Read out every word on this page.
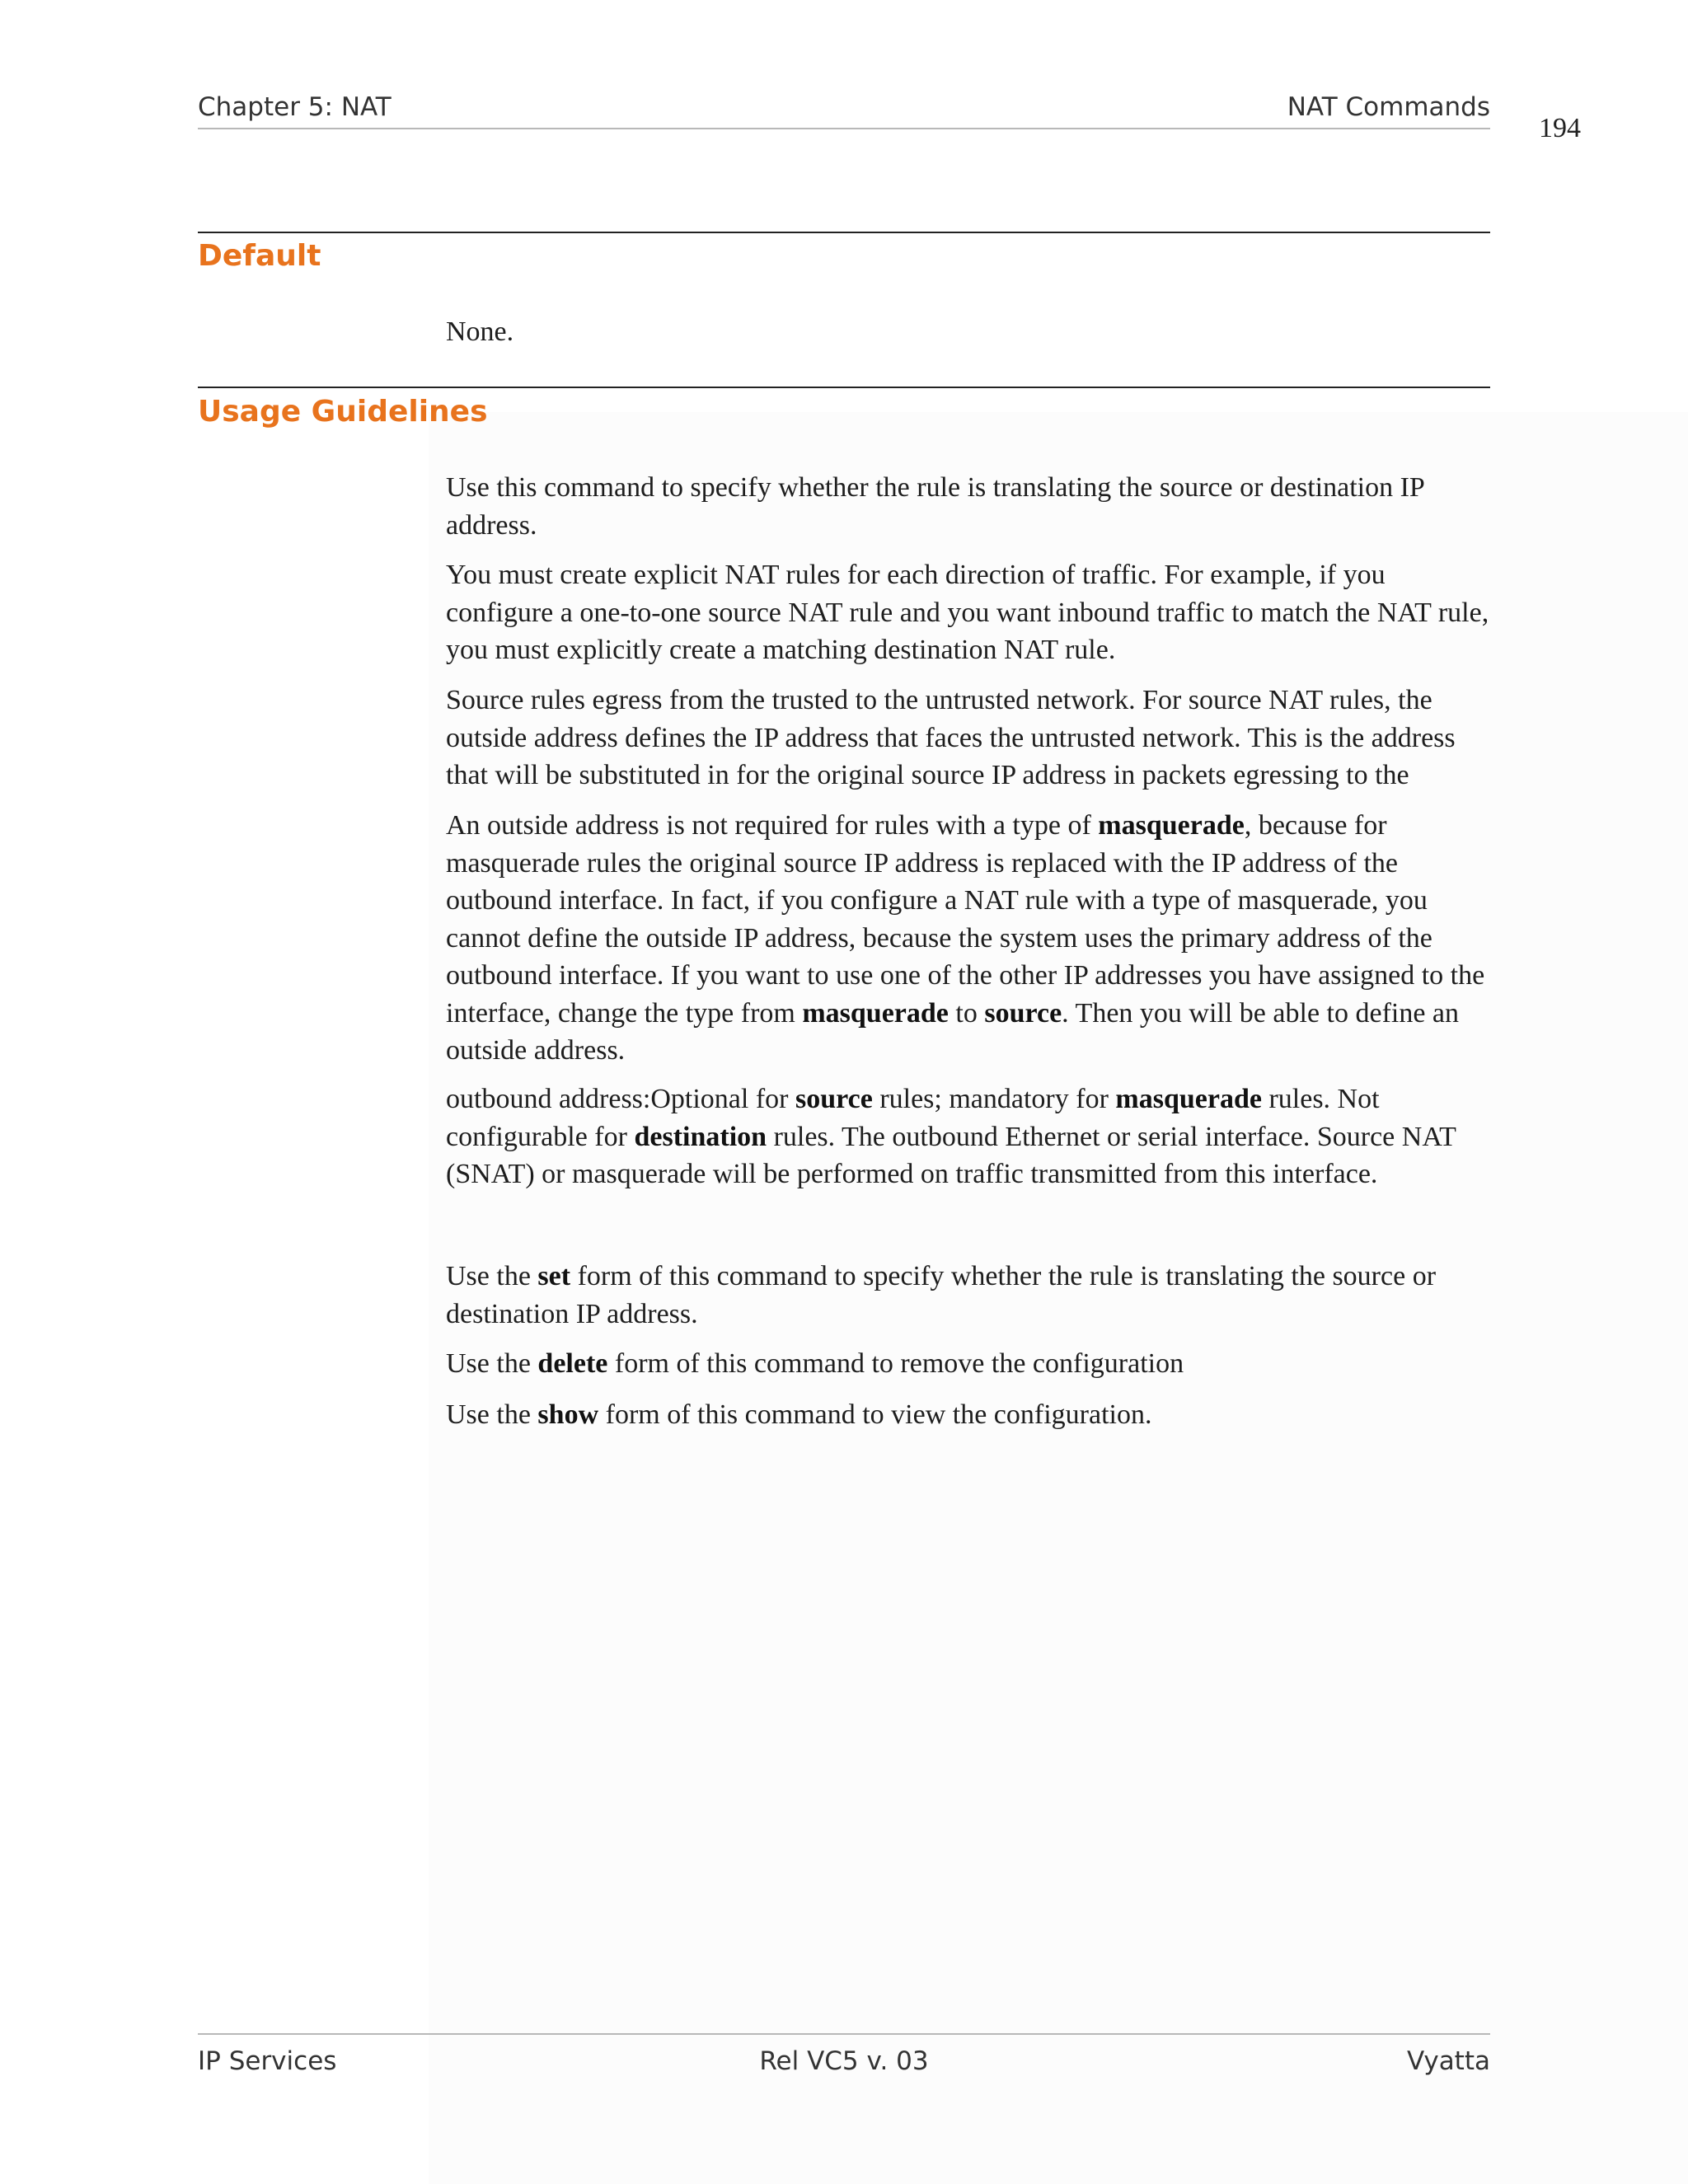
Chapter 5: NAT	NAT Commands
194
Default

None.

Usage Guidelines

Use this command to specify whether the rule is translating the source or destination IP address.

You must create explicit NAT rules for each direction of traffic. For example, if you configure a one-to-one source NAT rule and you want inbound traffic to match the NAT rule, you must explicitly create a matching destination NAT rule.

Source rules egress from the trusted to the untrusted network. For source NAT rules, the outside address defines the IP address that faces the untrusted network. This is the address that will be substituted in for the original source IP address in packets egressing to the

An outside address is not required for rules with a type of masquerade, because for masquerade rules the original source IP address is replaced with the IP address of the outbound interface. In fact, if you configure a NAT rule with a type of masquerade, you cannot define the outside IP address, because the system uses the primary address of the outbound interface. If you want to use one of the other IP addresses you have assigned to the interface, change the type from masquerade to source. Then you will be able to define an outside address.

outbound address:Optional for source rules; mandatory for masquerade rules. Not configurable for destination rules. The outbound Ethernet or serial interface. Source NAT (SNAT) or masquerade will be performed on traffic transmitted from this interface.

Use the set form of this command to specify whether the rule is translating the source or destination IP address.

Use the delete form of this command to remove the configuration

Use the show form of this command to view the configuration.

IP Services	Rel VC5 v. 03	Vyatta
